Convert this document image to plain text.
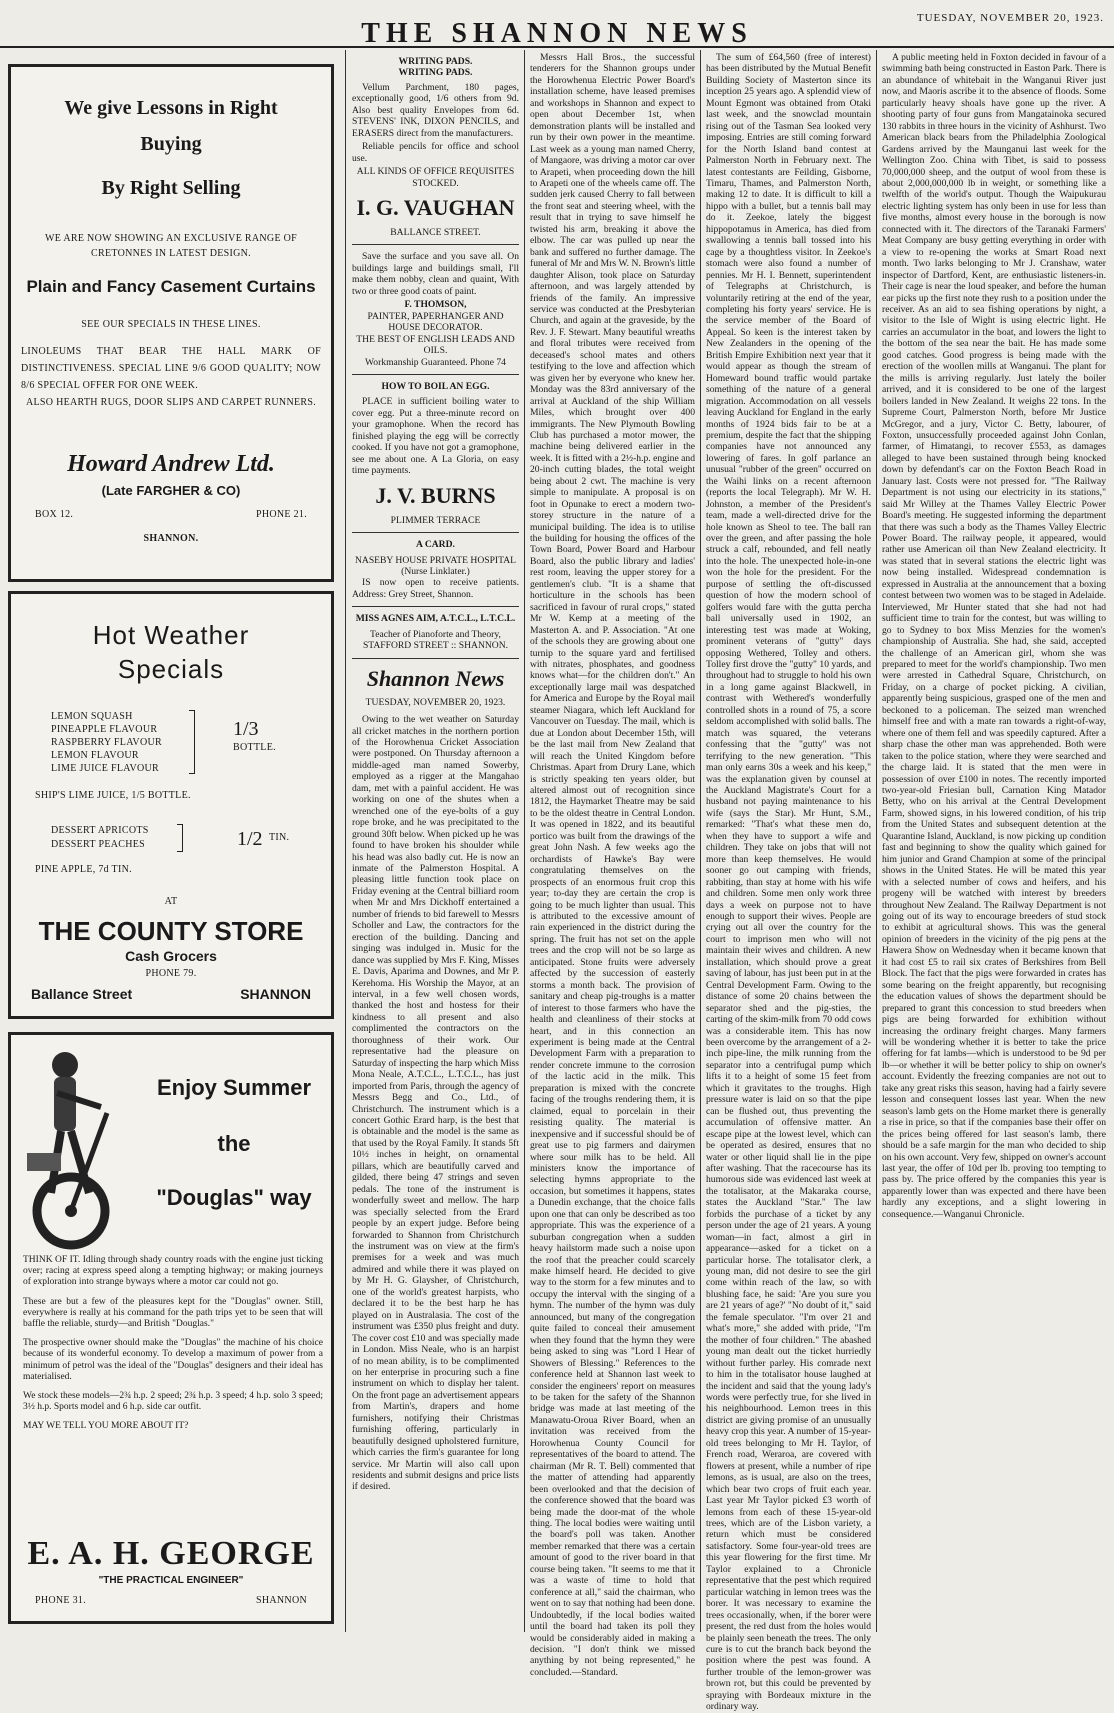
THE SHANNON NEWS	TUESDAY, NOVEMBER 20, 1923.
We give Lessons in Right
Buying
By Right Selling
WE ARE NOW SHOWING AN EXCLUSIVE RANGE OF CRETONNES IN LATEST DESIGN.
Plain and Fancy Casement Curtains
SEE OUR SPECIALS IN THESE LINES.
LINOLEUMS THAT BEAR THE HALL MARK OF DISTINCTIVENESS. SPECIAL LINE 9/6 GOOD QUALITY; NOW 8/6 SPECIAL OFFER FOR ONE WEEK.
ALSO HEARTH RUGS, DOOR SLIPS AND CARPET RUNNERS.
Howard Andrew Ltd.
(Late FARGHER & CO)
BOX 12.	PHONE 21.
SHANNON.
Hot Weather
Specials
LEMON SQUASH
PINEAPPLE FLAVOUR
RASPBERRY FLAVOUR
LEMON FLAVOUR
LIME JUICE FLAVOUR
1/3
BOTTLE.
SHIP'S LIME JUICE, 1/5 BOTTLE.
DESSERT APRICOTS
DESSERT PEACHES	1/2 TIN.
PINE APPLE, 7d TIN.
AT
THE COUNTY STORE
Cash Grocers
PHONE 79.
Ballance Street	SHANNON
Enjoy Summer
the
"Douglas" way

THINK OF IT. Idling through shady country roads with the engine just ticking over; racing at express speed along a tempting highway; or making journeys of exploration into strange byways where a motor car could not go.

These are but a few of the pleasures kept for the "Douglas" owner. Still, everywhere is really at his command for the path trips yet to be seen that will baffle the reliable, sturdy—and British "Douglas."

The prospective owner should make the "Douglas" the machine of his choice because of its wonderful economy. To develop a maximum of power from a minimum of petrol was the ideal of the "Douglas" designers and their ideal has materialised.

We stock these models—2¾ h.p. 2 speed; 2¾ h.p. 3 speed; 4 h.p. solo 3 speed; 3½ h.p. Sports model and 6 h.p. side car outfit.

MAY WE TELL YOU MORE ABOUT IT?

E. A. H. GEORGE
"THE PRACTICAL ENGINEER"
PHONE 31.	SHANNON
WRITING PADS.
WRITING PADS.
Vellum Parchment, 180 pages, exceptionally good, 1/6 others from 9d. Also best quality Envelopes from 6d. STEVENS' INK, DIXON PENCILS, and ERASERS direct from the manufacturers.
Reliable pencils for office and school use.
ALL KINDS OF OFFICE REQUISITES STOCKED.
I. G. VAUGHAN
BALLANCE STREET.
Save the surface and you save all. On buildings large and buildings small, I'll make them nobby, clean and quaint, With two or three good coats of paint.
F. THOMSON,
PAINTER, PAPERHANGER AND HOUSE DECORATOR.
THE BEST OF ENGLISH LEADS AND OILS.
Workmanship Guaranteed. Phone 74
HOW TO BOIL AN EGG.
PLACE in sufficient boiling water to cover egg. Put a three-minute record on your gramophone. When the record has finished playing the egg will be correctly cooked. If you have not got a gramophone, see me about one. A La Gloria, on easy time payments.
J. V. BURNS
PLIMMER TERRACE
A CARD.
NASEBY HOUSE PRIVATE HOSPITAL (Nurse Linklater.)
IS now open to receive patients. Address: Grey Street, Shannon.
MISS AGNES AIM, A.T.C.L., L.T.C.L.
Teacher of Pianoforte and Theory, STAFFORD STREET :: SHANNON.
Shannon News
TUESDAY, NOVEMBER 20, 1923.
Owing to the wet weather on Saturday all cricket matches in the northern portion of the Horowhenua Cricket Association were postponed. On Thursday afternoon a middle-aged man named Sowerby, employed as a rigger at the Mangahao dam, met with a painful accident. He was working on one of the shutes when a wrenched one of the eye-bolts of a guy rope broke, and he was precipitated to the ground 30ft below. When picked up he was found to have broken his shoulder while his head was also badly cut. He is now an inmate of the Palmerston Hospital. A pleasing little function took place on Friday evening at the Central billiard room when Mr and Mrs Dickhoff entertained a number of friends to bid farewell to Messrs Scholler and Law, the contractors for the erection of the building. Dancing and singing was indulged in. Music for the dance was supplied by Mrs F. King, Misses E. Davis, Aparima and Downes, and Mr P. Kerehoma. His Worship the Mayor, at an interval, in a few well chosen words, thanked the host and hostess for their kindness to all present and also complimented the contractors on the thoroughness of their work. Our representative had the pleasure on Saturday of inspecting the harp which Miss Mona Neale, A.T.C.L., L.T.C.L., has just imported from Paris, through the agency of Messrs Begg and Co., Ltd., of Christchurch. The instrument which is a concert Gothic Erard harp, is the best that is obtainable and the model is the same as that used by the Royal Family. It stands 5ft 10½ inches in height, on ornamental pillars, which are beautifully carved and gilded, there being 47 strings and seven pedals. The tone of the instrument is wonderfully sweet and mellow. The harp was specially selected from the Erard people by an expert judge. Before being forwarded to Shannon from Christchurch the instrument was on view at the firm's premises for a week and was much admired and while there it was played on by Mr H. G. Glaysher, of Christchurch, one of the world's greatest harpists, who declared it to be the best harp he has played on in Australasia. The cost of the instrument was £350 plus freight and duty. The cover cost £10 and was specially made in London. Miss Neale, who is an harpist of no mean ability, is to be complimented on her enterprise in procuring such a fine instrument on which to display her talent. On the front page an advertisement appears from Martin's, drapers and home furnishers, notifying their Christmas furnishing offering, particularly in beautifully designed upholstered furniture, which carries the firm's guarantee for long service. Mr Martin will also call upon residents and submit designs and price lists if desired.
Messrs Hall Bros., the successful tenderers for the Shannon groups under the Horowhenua Electric Power Board's installation scheme, have leased premises and workshops in Shannon and expect to open about December 1st, when demonstration plants will be installed and run by their own power in the meantime. Last week as a young man named Cherry, of Mangaore, was driving a motor car over to Arapeti, when proceeding down the hill to Arapeti one of the wheels came off. The sudden jerk caused Cherry to fall between the front seat and steering wheel, with the result that in trying to save himself he twisted his arm, breaking it above the elbow. The car was pulled up near the bank and suffered no further damage. The funeral of Mr and Mrs W. N. Brown's little daughter Alison, took place on Saturday afternoon, and was largely attended by friends of the family. An impressive service was conducted at the Presbyterian Church, and again at the graveside, by the Rev. J. F. Stewart. Many beautiful wreaths and floral tributes were received from deceased's school mates and others testifying to the love and affection which was given her by everyone who knew her. Monday was the 83rd anniversary of the arrival at Auckland of the ship William Miles, which brought over 400 immigrants. The New Plymouth Bowling Club has purchased a motor mower, the machine being delivered earlier in the week. It is fitted with a 2½-h.p. engine and 20-inch cutting blades, the total weight being about 2 cwt. The machine is very simple to manipulate. A proposal is on foot in Opunake to erect a modern two-storey structure in the nature of a municipal building. The idea is to utilise the building for housing the offices of the Town Board, Power Board and Harbour Board, also the public library and ladies' rest room, leaving the upper storey for a gentlemen's club. "It is a shame that horticulture in the schools has been sacrificed in favour of rural crops," stated Mr W. Kemp at a meeting of the Masterton A. and P. Association. "At one of the schools they are growing about one turnip to the square yard and fertilised with nitrates, phosphates, and goodness knows what—for the children don't." An exceptionally large mail was despatched for America and Europe by the Royal mail steamer Niagara, which left Auckland for Vancouver on Tuesday. The mail, which is due at London about December 15th, will be the last mail from New Zealand that will reach the United Kingdom before Christmas. Apart from Drury Lane, which is strictly speaking ten years older, but altered almost out of recognition since 1812, the Haymarket Theatre may be said to be the oldest theatre in Central London. It was opened in 1822, and its beautiful portico was built from the drawings of the great John Nash. A few weeks ago the orchardists of Hawke's Bay were congratulating themselves on the prospects of an enormous fruit crop this year; to-day they are certain the crop is going to be much lighter than usual. This is attributed to the excessive amount of rain experienced in the district during the spring. The fruit has not set on the apple trees and the crop will not be so large as anticipated. Stone fruits were adversely affected by the succession of easterly storms a month back. The provision of sanitary and cheap pig-troughs is a matter of interest to those farmers who have the health and cleanliness of their stocks at heart, and in this connection an experiment is being made at the Central Development Farm with a preparation to render concrete immune to the corrosion of the lactic acid in the milk. This preparation is mixed with the concrete facing of the troughs rendering them, it is claimed, equal to porcelain in their resisting quality. The material is inexpensive and if successful should be of great use to pig farmers and dairymen where sour milk has to be held. All ministers know the importance of selecting hymns appropriate to the occasion, but sometimes it happens, states a Dunedin exchange, that the choice falls upon one that can only be described as too appropriate. This was the experience of a suburban congregation when a sudden heavy hailstorm made such a noise upon the roof that the preacher could scarcely make himself heard. He decided to give way to the storm for a few minutes and to occupy the interval with the singing of a hymn. The number of the hymn was duly announced, but many of the congregation quite failed to conceal their amusement when they found that the hymn they were being asked to sing was "Lord I Hear of Showers of Blessing." References to the conference held at Shannon last week to consider the engineers' report on measures to be taken for the safety of the Shannon bridge was made at last meeting of the Manawatu-Oroua River Board, when an invitation was received from the Horowhenua County Council for representatives of the board to attend. The chairman (Mr R. T. Bell) commented that the matter of attending had apparently been overlooked and that the decision of the conference showed that the board was being made the door-mat of the whole thing. The local bodies were waiting until the board's poll was taken. Another member remarked that there was a certain amount of good to the river board in that course being taken. "It seems to me that it was a waste of time to hold that conference at all," said the chairman, who went on to say that nothing had been done. Undoubtedly, if the local bodies waited until the board had taken its poll they would be considerably aided in making a decision. "I don't think we missed anything by not being represented," he concluded.—Standard.
The sum of £64,560 (free of interest) has been distributed by the Mutual Benefit Building Society of Masterton since its inception 25 years ago. A splendid view of Mount Egmont was obtained from Otaki last week, and the snowclad mountain rising out of the Tasman Sea looked very imposing. Entries are still coming forward for the North Island band contest at Palmerston North in February next. The latest contestants are Feilding, Gisborne, Timaru, Thames, and Palmerston North, making 12 to date. It is difficult to kill a hippo with a bullet, but a tennis ball may do it. Zeekoe, lately the biggest hippopotamus in America, has died from swallowing a tennis ball tossed into his cage by a thoughtless visitor. In Zeekoe's stomach were also found a number of pennies. Mr H. I. Bennett, superintendent of Telegraphs at Christchurch, is voluntarily retiring at the end of the year, completing his forty years' service. He is the service member of the Board of Appeal. So keen is the interest taken by New Zealanders in the opening of the British Empire Exhibition next year that it would appear as though the stream of Homeward bound traffic would partake something of the nature of a general migration. Accommodation on all vessels leaving Auckland for England in the early months of 1924 bids fair to be at a premium, despite the fact that the shipping companies have not announced any lowering of fares. In golf parlance an unusual "rubber of the green" occurred on the Waihi links on a recent afternoon (reports the local Telegraph). Mr W. H. Johnston, a member of the President's team, made a well-directed drive for the hole known as Sheol to tee. The ball ran over the green, and after passing the hole struck a calf, rebounded, and fell neatly into the hole. The unexpected hole-in-one won the hole for the president. For the purpose of settling the oft-discussed question of how the modern school of golfers would fare with the gutta percha ball universally used in 1902, an interesting test was made at Woking, prominent veterans of "gutty" days opposing Wethered, Tolley and others. Tolley first drove the "gutty" 10 yards, and throughout had to struggle to hold his own in a long game against Blackwell, in contrast with Wethered's wonderfully controlled shots in a round of 75, a score seldom accomplished with solid balls. The match was squared, the veterans confessing that the "gutty" was not terrifying to the new generation. "This man only earns 30s a week and his keep," was the explanation given by counsel at the Auckland Magistrate's Court for a husband not paying maintenance to his wife (says the Star). Mr Hunt, S.M., remarked: "That's what these men do, when they have to support a wife and children. They take on jobs that will not more than keep themselves. He would sooner go out camping with friends, rabbiting, than stay at home with his wife and children. Some men only work three days a week on purpose not to have enough to support their wives. People are crying out all over the country for the court to imprison men who will not maintain their wives and children. A new installation, which should prove a great saving of labour, has just been put in at the Central Development Farm. Owing to the distance of some 20 chains between the separator shed and the pig-sties, the carting of the skim-milk from 70 odd cows was a considerable item. This has now been overcome by the arrangement of a 2-inch pipe-line, the milk running from the separator into a centrifugal pump which lifts it to a height of some 15 feet from which it gravitates to the troughs. High pressure water is laid on so that the pipe can be flushed out, thus preventing the accumulation of offensive matter. An escape pipe at the lowest level, which can be operated as desired, ensures that no water or other liquid shall lie in the pipe after washing. That the racecourse has its humorous side was evidenced last week at the totalisator, at the Makaraka course, states the Auckland "Star." The law forbids the purchase of a ticket by any person under the age of 21 years. A young woman—in fact, almost a girl in appearance—asked for a ticket on a particular horse. The totalisator clerk, a young man, did not desire to see the girl come within reach of the law, so with blushing face, he said: 'Are you sure you are 21 years of age?' "No doubt of it," said the female speculator. "I'm over 21 and what's more," she added with pride, "I'm the mother of four children." The abashed young man dealt out the ticket hurriedly without further parley. His comrade next to him in the totalisator house laughed at the incident and said that the young lady's words were perfectly true, for she lived in his neighbourhood. Lemon trees in this district are giving promise of an unusually heavy crop this year. A number of 15-year-old trees belonging to Mr H. Taylor, of French road, Weraroa, are covered with flowers at present, while a number of ripe lemons, as is usual, are also on the trees, which bear two crops of fruit each year. Last year Mr Taylor picked £3 worth of lemons from each of these 15-year-old trees, which are of the Lisbon variety, a return which must be considered satisfactory. Some four-year-old trees are this year flowering for the first time. Mr Taylor explained to a Chronicle representative that the pest which required particular watching in lemon trees was the borer. It was necessary to examine the trees occasionally, when, if the borer were present, the red dust from the holes would be plainly seen beneath the trees. The only cure is to cut the branch back beyond the position where the pest was found. A further trouble of the lemon-grower was brown rot, but this could be prevented by spraying with Bordeaux mixture in the ordinary way.
A public meeting held in Foxton decided in favour of a swimming bath being constructed in Easton Park. There is an abundance of whitebait in the Wanganui River just now, and Maoris ascribe it to the absence of floods. Some particularly heavy shoals have gone up the river. A shooting party of four guns from Mangatainoka secured 130 rabbits in three hours in the vicinity of Ashhurst. Two American black bears from the Philadelphia Zoological Gardens arrived by the Maunganui last week for the Wellington Zoo. China with Tibet, is said to possess 70,000,000 sheep, and the output of wool from these is about 2,000,000,000 lb in weight, or something like a twelfth of the world's output. Though the Waipukurau electric lighting system has only been in use for less than five months, almost every house in the borough is now connected with it. The directors of the Taranaki Farmers' Meat Company are busy getting everything in order with a view to re-opening the works at Smart Road next month. Two larks belonging to Mr J. Cranshaw, water inspector of Dartford, Kent, are enthusiastic listeners-in. Their cage is near the loud speaker, and before the human ear picks up the first note they rush to a position under the receiver. As an aid to sea fishing operations by night, a visitor to the Isle of Wight is using electric light. He carries an accumulator in the boat, and lowers the light to the bottom of the sea near the bait. He has made some good catches. Good progress is being made with the erection of the woollen mills at Wanganui. The plant for the mills is arriving regularly. Just lately the boiler arrived, and it is considered to be one of the largest boilers landed in New Zealand. It weighs 22 tons. In the Supreme Court, Palmerston North, before Mr Justice McGregor, and a jury, Victor C. Betty, labourer, of Foxton, unsuccessfully proceeded against John Conlan, farmer, of Himatangi, to recover £553, as damages alleged to have been sustained through being knocked down by defendant's car on the Foxton Beach Road in January last. Costs were not pressed for. "The Railway Department is not using our electricity in its stations," said Mr Willey at the Thames Valley Electric Power Board's meeting. He suggested informing the department that there was such a body as the Thames Valley Electric Power Board. The railway people, it appeared, would rather use American oil than New Zealand electricity. It was stated that in several stations the electric light was now being installed. Widespread condemnation is expressed in Australia at the announcement that a boxing contest between two women was to be staged in Adelaide. Interviewed, Mr Hunter stated that she had not had sufficient time to train for the contest, but was willing to go to Sydney to box Miss Menzies for the women's championship of Australia. She had, she said, accepted the challenge of an American girl, whom she was prepared to meet for the world's championship. Two men were arrested in Cathedral Square, Christchurch, on Friday, on a charge of pocket picking. A civilian, apparently being suspicious, grasped one of the men and beckoned to a policeman. The seized man wrenched himself free and with a mate ran towards a right-of-way, where one of them fell and was speedily captured. After a sharp chase the other man was apprehended. Both were taken to the police station, where they were searched and the charge laid. It is stated that the men were in possession of over £100 in notes. The recently imported two-year-old Friesian bull, Carnation King Matador Betty, who on his arrival at the Central Development Farm, showed signs, in his lowered condition, of his trip from the United States and subsequent detention at the Quarantine Island, Auckland, is now picking up condition fast and beginning to show the quality which gained for him junior and Grand Champion at some of the principal shows in the United States. He will be mated this year with a selected number of cows and heifers, and his progeny will be watched with interest by breeders throughout New Zealand. The Railway Department is not going out of its way to encourage breeders of stud stock to exhibit at agricultural shows. This was the general opinion of breeders in the vicinity of the pig pens at the Hawera Show on Wednesday when it became known that it had cost £5 to rail six crates of Berkshires from Bell Block. The fact that the pigs were forwarded in crates has some bearing on the freight apparently, but recognising the education values of shows the department should be prepared to grant this concession to stud breeders when pigs are being forwarded for exhibition without increasing the ordinary freight charges. Many farmers will be wondering whether it is better to take the price offering for fat lambs—which is understood to be 9d per lb—or whether it will be better policy to ship on owner's account. Evidently the freezing companies are not out to take any great risks this season, having had a fairly severe lesson and consequent losses last year. When the new season's lamb gets on the Home market there is generally a rise in price, so that if the companies base their offer on the prices being offered for last season's lamb, there should be a safe margin for the man who decided to ship on his own account. Very few, shipped on owner's account last year, the offer of 10d per lb. proving too tempting to pass by. The price offered by the companies this year is apparently lower than was expected and there have been hardly any exceptions, and a slight lowering in consequence.—Wanganui Chronicle.
